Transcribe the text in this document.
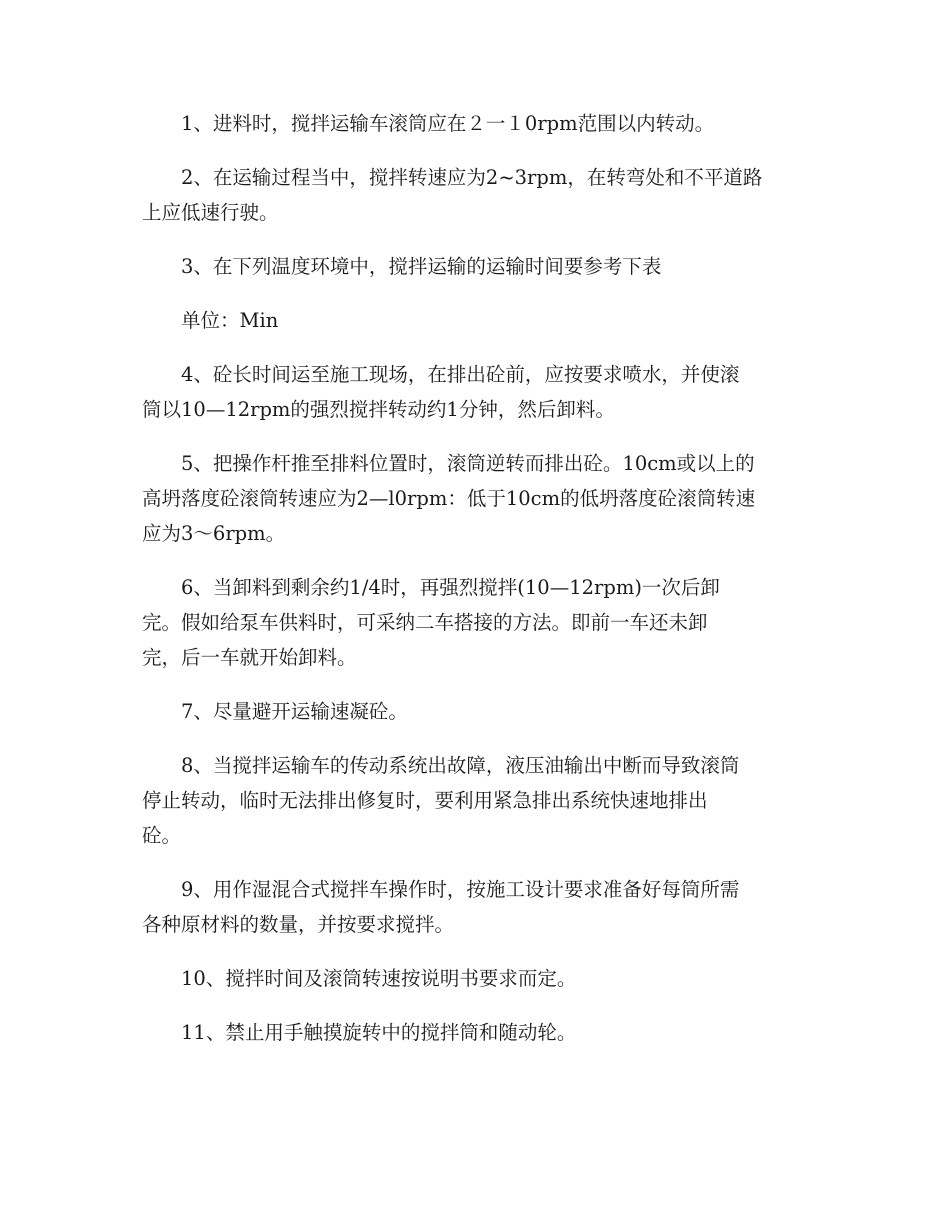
1、进料时，搅拌运输车滚筒应在２一１0rpm范围以内转动。
2、在运输过程当中，搅拌转速应为2~3rpm，在转弯处和不平道路
上应低速行驶。
3、在下列温度环境中，搅拌运输的运输时间要参考下表
单位：Min
4、砼长时间运至施工现场，在排出砼前，应按要求喷水，并使滚
筒以10—12rpm的强烈搅拌转动约1分钟，然后卸料。
5、把操作杆推至排料位置时，滚筒逆转而排出砼。10cm或以上的
高坍落度砼滚筒转速应为2—l0rpm：低于10cm的低坍落度砼滚筒转速
应为3～6rpm。
6、当卸料到剩余约1/4时，再强烈搅拌(10—12rpm)一次后卸
完。假如给泵车供料时，可采纳二车搭接的方法。即前一车还未卸
完，后一车就开始卸料。
7、尽量避开运输速凝砼。
8、当搅拌运输车的传动系统出故障，液压油输出中断而导致滚筒
停止转动，临时无法排出修复时，要利用紧急排出系统快速地排出
砼。
9、用作湿混合式搅拌车操作时，按施工设计要求准备好每筒所需
各种原材料的数量，并按要求搅拌。
10、搅拌时间及滚筒转速按说明书要求而定。
11、禁止用手触摸旋转中的搅拌筒和随动轮。
